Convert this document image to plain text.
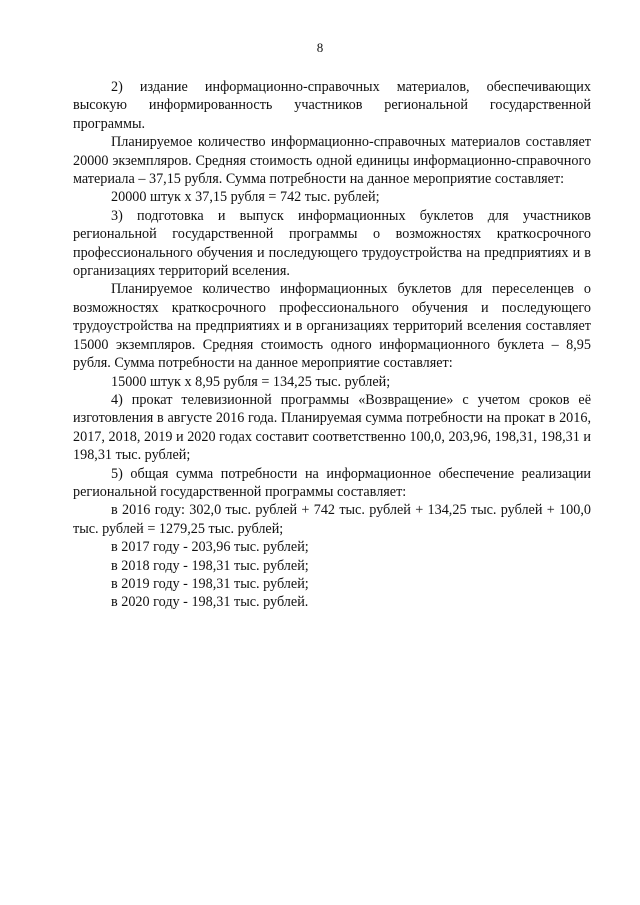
8

2) издание информационно-справочных материалов, обеспечивающих высокую информированность участников региональной государственной программы.

Планируемое количество информационно-справочных материалов составляет 20000 экземпляров. Средняя стоимость одной единицы информационно-справочного материала – 37,15 рубля. Сумма потребности на данное мероприятие составляет:

20000 штук x 37,15 рубля = 742 тыс. рублей;

3) подготовка и выпуск информационных буклетов для участников региональной государственной программы о возможностях краткосрочного профессионального обучения и последующего трудоустройства на предприятиях и в организациях территорий вселения.

Планируемое количество информационных буклетов для переселенцев о возможностях краткосрочного профессионального обучения и последующего трудоустройства на предприятиях и в организациях территорий вселения составляет 15000 экземпляров. Средняя стоимость одного информационного буклета – 8,95 рубля. Сумма потребности на данное мероприятие составляет:

15000 штук x 8,95 рубля = 134,25 тыс. рублей;

4) прокат телевизионной программы «Возвращение» с учетом сроков её изготовления в августе 2016 года. Планируемая сумма потребности на прокат в 2016, 2017, 2018, 2019 и 2020 годах составит соответственно 100,0, 203,96, 198,31, 198,31 и 198,31 тыс. рублей;

5) общая сумма потребности на информационное обеспечение реализации региональной государственной программы составляет:

в 2016 году: 302,0 тыс. рублей + 742 тыс. рублей + 134,25 тыс. рублей + 100,0 тыс. рублей = 1279,25 тыс. рублей;

в 2017 году - 203,96 тыс. рублей;

в 2018 году - 198,31 тыс. рублей;

в 2019 году - 198,31 тыс. рублей;

в 2020 году - 198,31 тыс. рублей.
